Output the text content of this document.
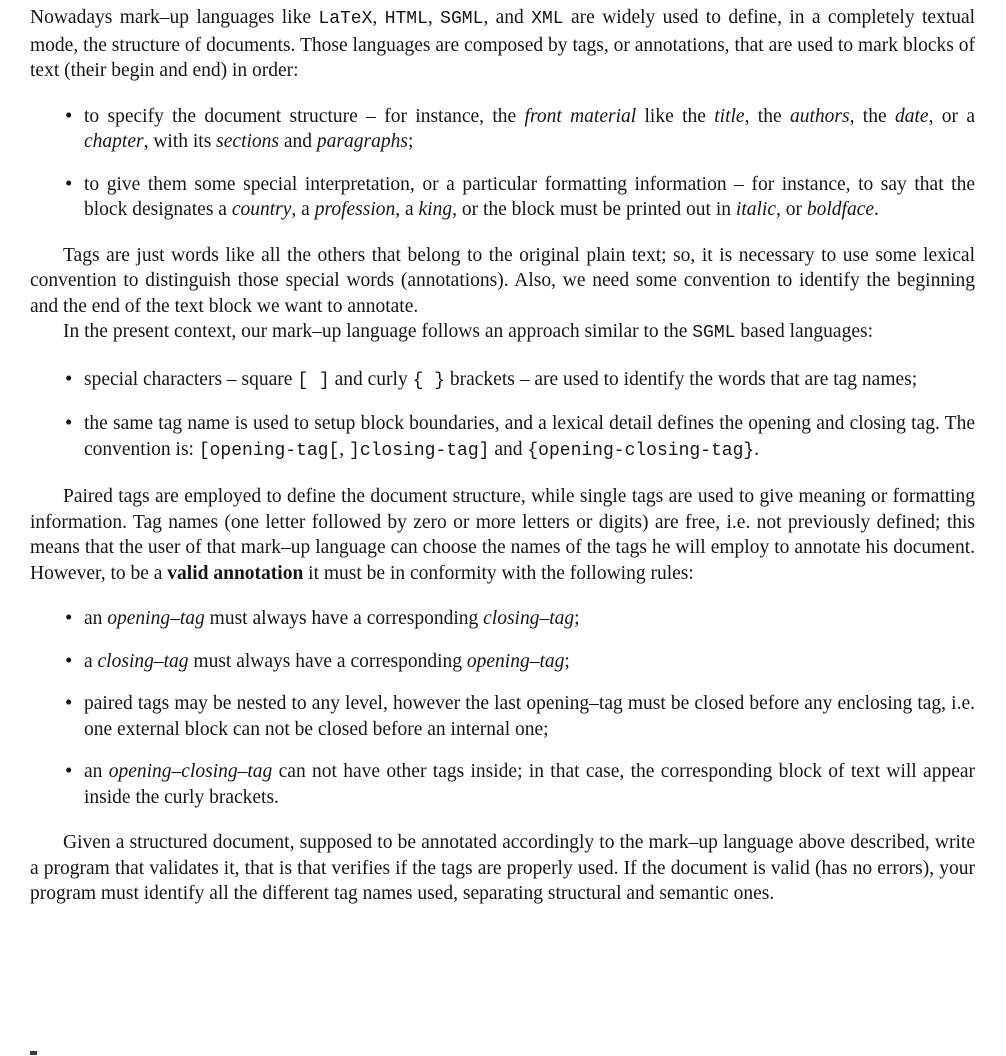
Nowadays mark–up languages like LaTeX, HTML, SGML, and XML are widely used to define, in a completely textual mode, the structure of documents. Those languages are composed by tags, or annotations, that are used to mark blocks of text (their begin and end) in order:

• to specify the document structure – for instance, the front material like the title, the authors, the date, or a chapter, with its sections and paragraphs;
• to give them some special interpretation, or a particular formatting information – for instance, to say that the block designates a country, a profession, a king, or the block must be printed out in italic, or boldface.

Tags are just words like all the others that belong to the original plain text; so, it is necessary to use some lexical convention to distinguish those special words (annotations). Also, we need some convention to identify the beginning and the end of the text block we want to annotate.

In the present context, our mark–up language follows an approach similar to the SGML based languages:

• special characters – square [ ] and curly { } brackets – are used to identify the words that are tag names;
• the same tag name is used to setup block boundaries, and a lexical detail defines the opening and closing tag. The convention is: [opening-tag[, ]closing-tag] and {opening-closing-tag}.

Paired tags are employed to define the document structure, while single tags are used to give meaning or formatting information. Tag names (one letter followed by zero or more letters or digits) are free, i.e. not previously defined; this means that the user of that mark–up language can choose the names of the tags he will employ to annotate his document. However, to be a valid annotation it must be in conformity with the following rules:

• an opening–tag must always have a corresponding closing–tag;
• a closing–tag must always have a corresponding opening–tag;
• paired tags may be nested to any level, however the last opening–tag must be closed before any enclosing tag, i.e. one external block can not be closed before an internal one;
• an opening–closing–tag can not have other tags inside; in that case, the corresponding block of text will appear inside the curly brackets.

Given a structured document, supposed to be annotated accordingly to the mark–up language above described, write a program that validates it, that is that verifies if the tags are properly used. If the document is valid (has no errors), your program must identify all the different tag names used, separating structural and semantic ones.
